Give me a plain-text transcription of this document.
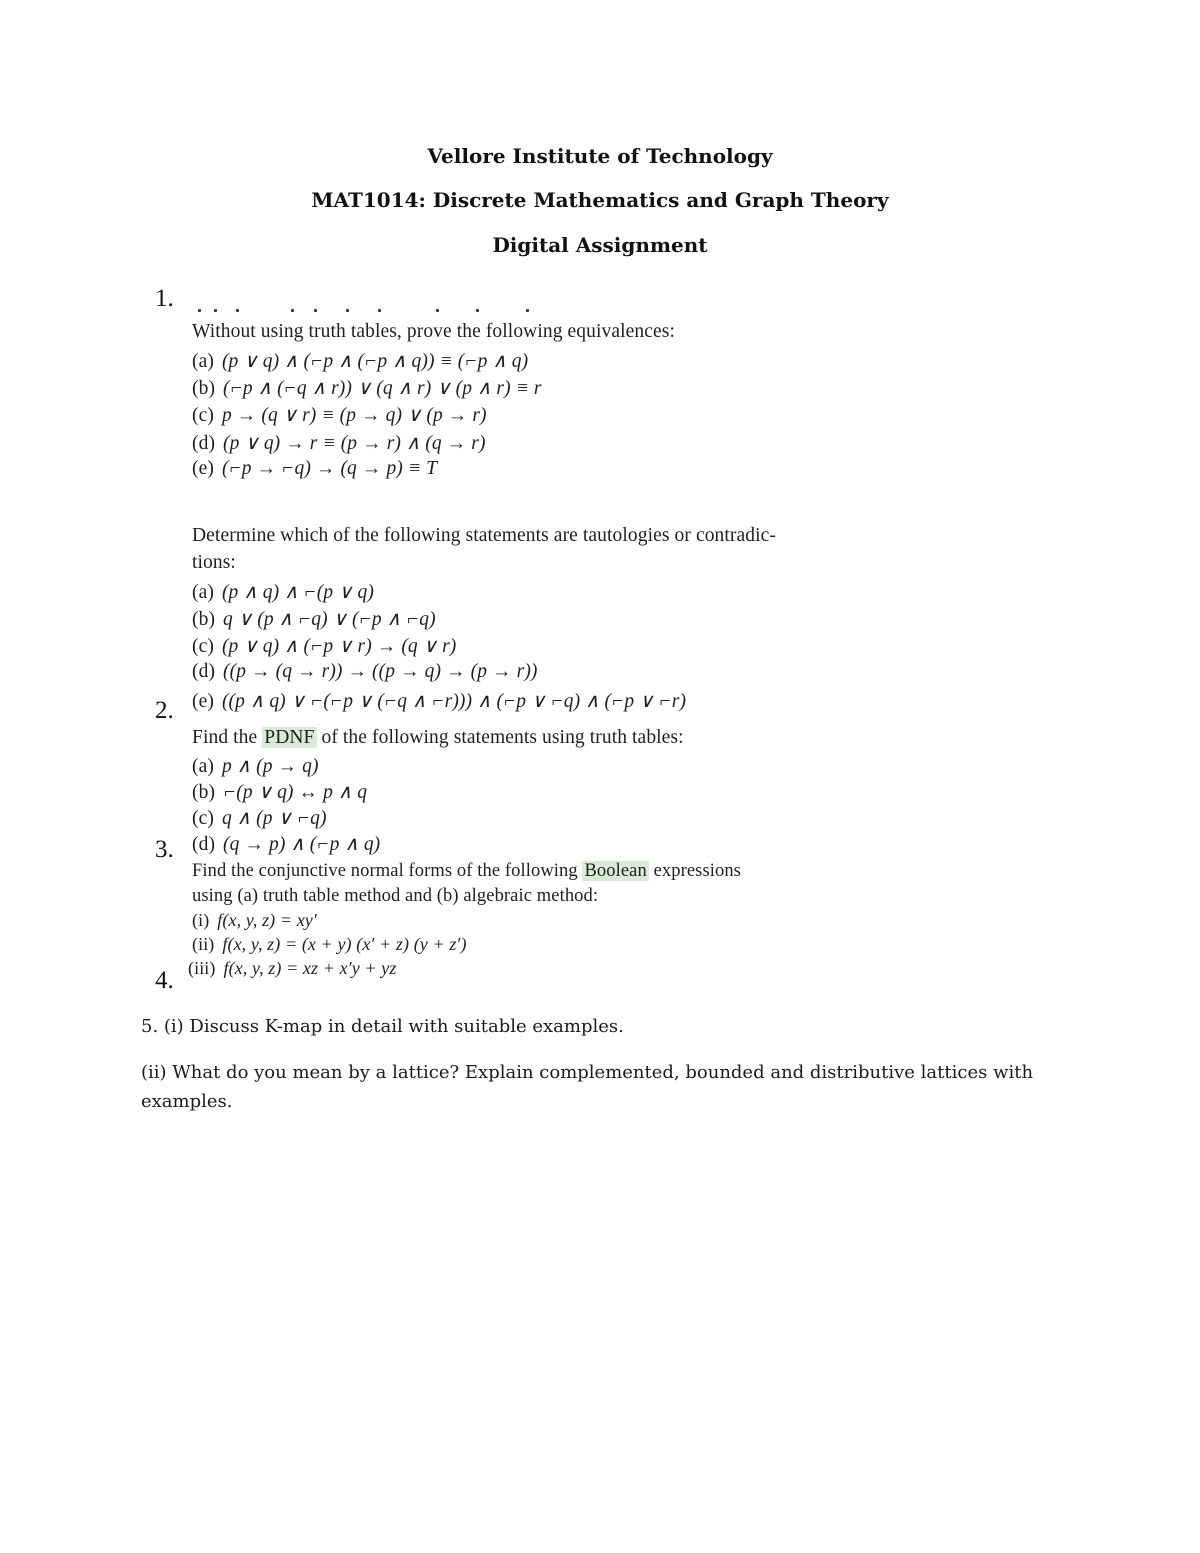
Vellore Institute of Technology
MAT1014: Discrete Mathematics and Graph Theory
Digital Assignment
1.
2.
3.
4.
Without using truth tables, prove the following equivalences:
(a) (p ∨ q) ∧ (⌐p ∧ (⌐p ∧ q)) ≡ (⌐p ∧ q)
(b) (⌐p ∧ (⌐q ∧ r)) ∨ (q ∧ r) ∨ (p ∧ r) ≡ r
(c) p → (q ∨ r) ≡ (p → q) ∨ (p → r)
(d) (p ∨ q) → r ≡ (p → r) ∧ (q → r)
(e) (⌐p → ⌐q) → (q → p) ≡ T
Determine which of the following statements are tautologies or contradic-
tions:
(a) (p ∧ q) ∧ ⌐(p ∨ q)
(b) q ∨ (p ∧ ⌐q) ∨ (⌐p ∧ ⌐q)
(c) (p ∨ q) ∧ (⌐p ∨ r) → (q ∨ r)
(d) ((p → (q → r)) → ((p → q) → (p → r))
(e) ((p ∧ q) ∨ ⌐(⌐p ∨ (⌐q ∧ ⌐r))) ∧ (⌐p ∨ ⌐q) ∧ (⌐p ∨ ⌐r)
Find the PDNF of the following statements using truth tables:
(a) p ∧ (p → q)
(b) ⌐(p ∨ q) ↔ p ∧ q
(c) q ∧ (p ∨ ⌐q)
(d) (q → p) ∧ (⌐p ∧ q)
Find the conjunctive normal forms of the following Boolean expressions
using (a) truth table method and (b) algebraic method:
(i) f(x, y, z) = xy′
(ii) f(x, y, z) = (x + y) (x′ + z) (y + z′)
(iii) f(x, y, z) = xz + x′y + yz
5. (i) Discuss K-map in detail with suitable examples.
(ii) What do you mean by a lattice? Explain complemented, bounded and distributive lattices with examples.
